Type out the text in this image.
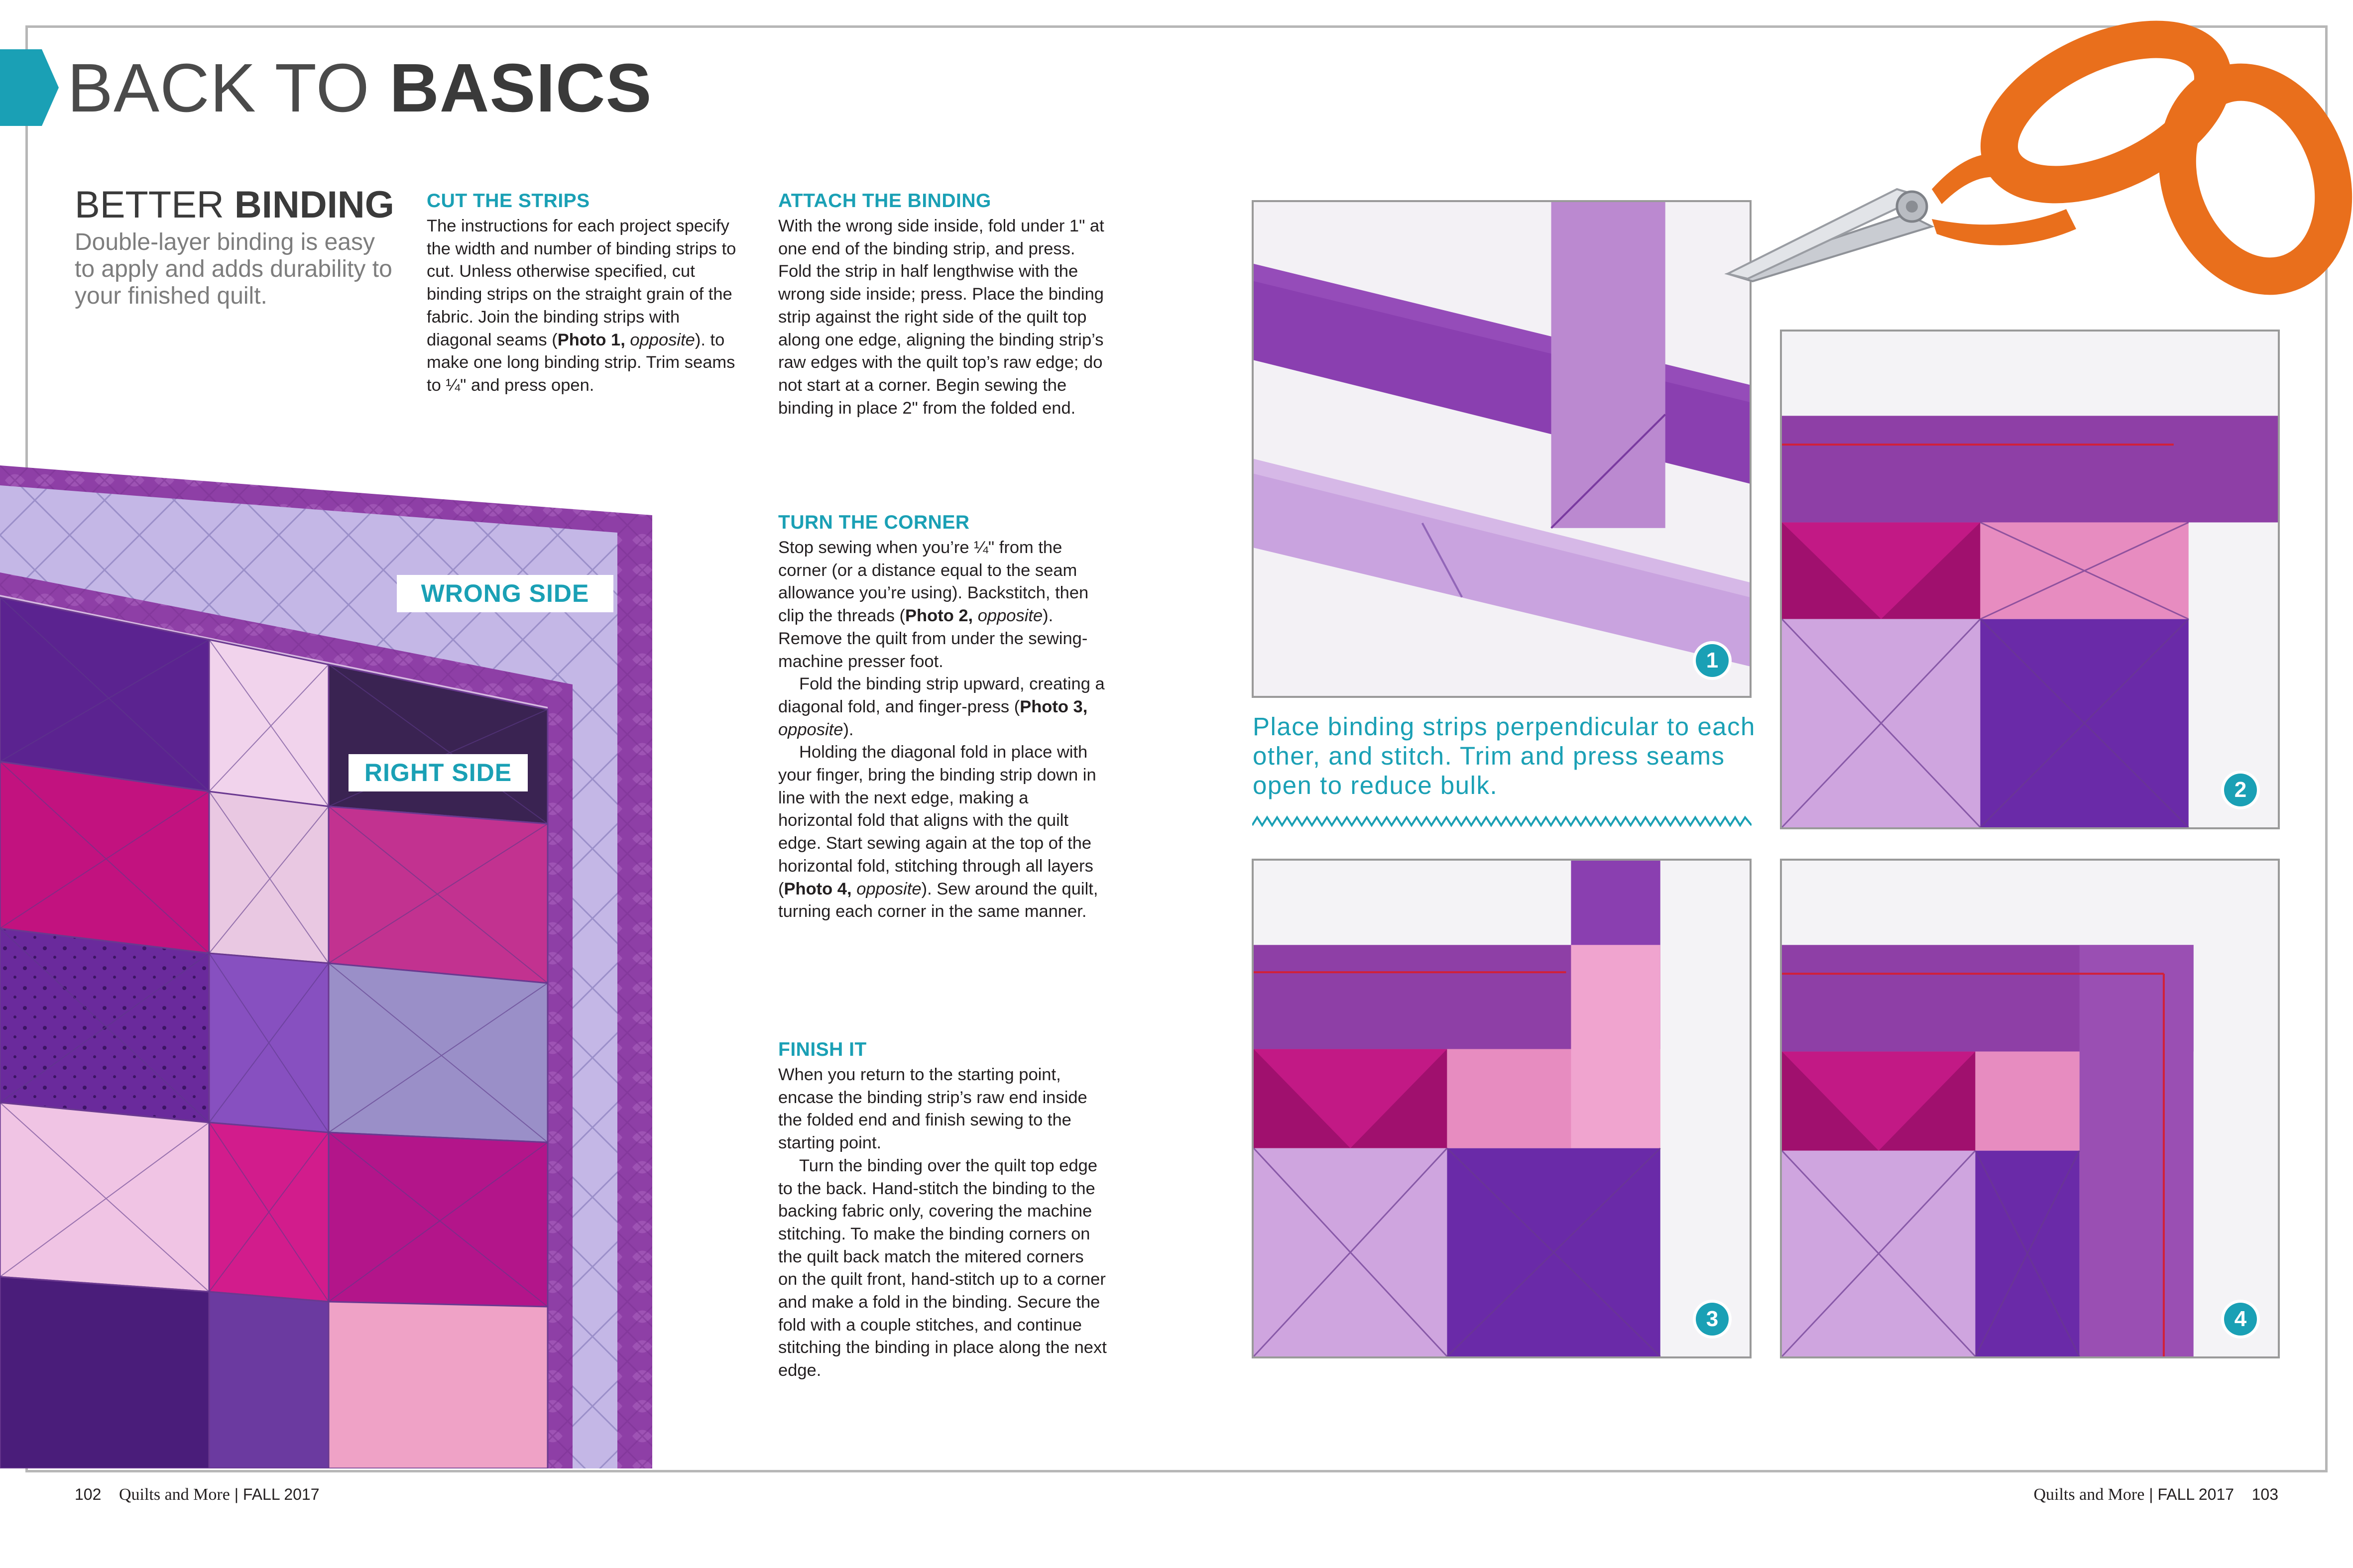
BACK TO BASICS
BETTER BINDING

Double-layer binding is easy to apply and adds durability to your finished quilt.

CUT THE STRIPS

The instructions for each project specify the width and number of binding strips to cut. Unless otherwise specified, cut binding strips on the straight grain of the fabric. Join the binding strips with diagonal seams (Photo 1, opposite). to make one long binding strip. Trim seams to ¼" and press open.

ATTACH THE BINDING

With the wrong side inside, fold under 1" at one end of the binding strip, and press. Fold the strip in half lengthwise with the wrong side inside; press. Place the binding strip against the right side of the quilt top along one edge, aligning the binding strip’s raw edges with the quilt top’s raw edge; do not start at a corner. Begin sewing the binding in place 2" from the folded end.

TURN THE CORNER

Stop sewing when you’re ¼" from the corner (or a distance equal to the seam allowance you’re using). Backstitch, then clip the threads (Photo 2, opposite). Remove the quilt from under the sewing-machine presser foot.

Fold the binding strip upward, creating a diagonal fold, and finger-press (Photo 3, opposite).

Holding the diagonal fold in place with your finger, bring the binding strip down in line with the next edge, making a horizontal fold that aligns with the quilt edge. Start sewing again at the top of the horizontal fold, stitching through all layers (Photo 4, opposite). Sew around the quilt, turning each corner in the same manner.

FINISH IT

When you return to the starting point, encase the binding strip’s raw end inside the folded end and finish sewing to the starting point.

Turn the binding over the quilt top edge to the back. Hand-stitch the binding to the backing fabric only, covering the machine stitching. To make the binding corners on the quilt back match the mitered corners on the quilt front, hand-stitch up to a corner and make a fold in the binding. Secure the fold with a couple stitches, and continue stitching the binding in place along the next edge.

WRONG SIDE
RIGHT SIDE
1

Place binding strips perpendicular to each other, and stitch. Trim and press seams open to reduce bulk.	2
3	4

102 Quilts and More | FALL 2017	Quilts and More | FALL 2017 103
